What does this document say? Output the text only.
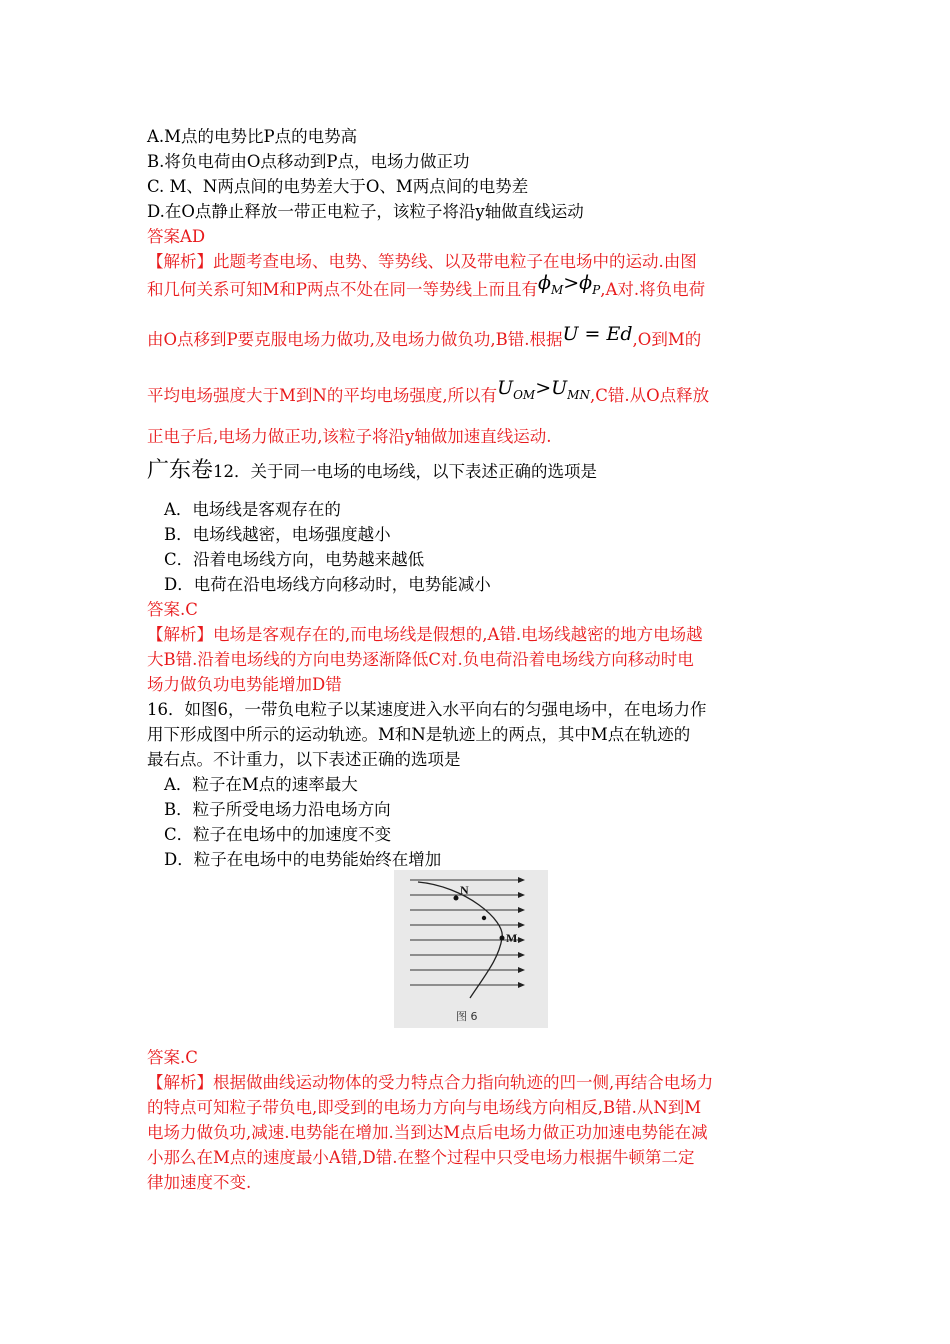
A.M点的电势比P点的电势高
B.将负电荷由O点移动到P点，电场力做正功
C. M、N两点间的电势差大于O、M两点间的电势差
D.在O点静止释放一带正电粒子，该粒子将沿y轴做直线运动
答案AD
【解析】此题考查电场、电势、等势线、以及带电粒子在电场中的运动.由图
和几何关系可知M和P两点不处在同一等势线上而且有$\phi_M>\phi_P,A$对.将负电荷
由O点移到P要克服电场力做功,及电场力做负功,B错.根据U = Ed,O到M的
平均电场强度大于M到N的平均电场强度,所以有$U_{OM}>U_{MN},C$错.从O点释放
正电子后,电场力做正功,该粒子将沿y轴做加速直线运动.
广东卷12．关于同一电场的电场线，以下表述正确的选项是
A．电场线是客观存在的
B．电场线越密，电场强度越小
C．沿着电场线方向，电势越来越低
D．电荷在沿电场线方向移动时，电势能减小
答案.C
【解析】电场是客观存在的,而电场线是假想的,A错.电场线越密的地方电场越
大B错.沿着电场线的方向电势逐渐降低C对.负电荷沿着电场线方向移动时电
场力做负功电势能增加D错
16．如图6，一带负电粒子以某速度进入水平向右的匀强电场中，在电场力作
用下形成图中所示的运动轨迹。M和N是轨迹上的两点，其中M点在轨迹的
最右点。不计重力，以下表述正确的选项是
A．粒子在M点的速率最大
B．粒子所受电场力沿电场方向
C．粒子在电场中的加速度不变
D．粒子在电场中的电势能始终在增加
N
M
图 6
答案.C
【解析】根据做曲线运动物体的受力特点合力指向轨迹的凹一侧,再结合电场力
的特点可知粒子带负电,即受到的电场力方向与电场线方向相反,B错.从N到M
电场力做负功,减速.电势能在增加.当到达M点后电场力做正功加速电势能在减
小那么在M点的速度最小A错,D错.在整个过程中只受电场力根据牛顿第二定
律加速度不变.
